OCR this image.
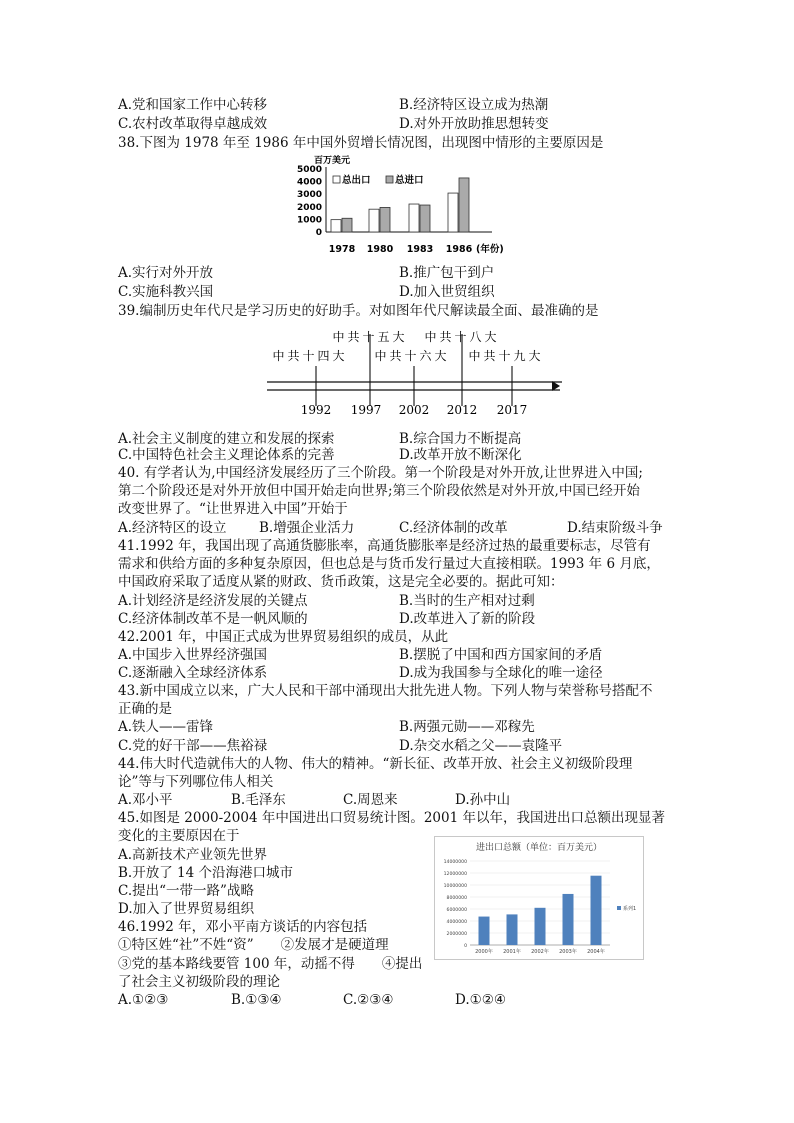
A.党和国家工作中心转移	B.经济特区设立成为热潮
C.农村改革取得卓越成效	D.对外开放助推思想转变
38.下图为 1978 年至 1986 年中国外贸增长情况图，出现图中情形的主要原因是
百万美元
0
1000
2000
3000
4000
5000
1978 1980 1983 1986 (年份)
总出口	总进口
A.实行对外开放	B.推广包干到户
C.实施科教兴国	D.加入世贸组织
39.编制历史年代尺是学习历史的好助手。对如图年代尺解读最全面、最准确的是
中共十五大 中共十八大
中共十四大 中共十六大 中共十九大
1992 1997 2002 2012 2017
A.社会主义制度的建立和发展的探索	B.综合国力不断提高
C.中国特色社会主义理论体系的完善	D.改革开放不断深化
40. 有学者认为,中国经济发展经历了三个阶段。第一个阶段是对外开放,让世界进入中国;
第二个阶段还是对外开放但中国开始走向世界;第三个阶段依然是对外开放,中国已经开始
改变世界了。“让世界进入中国”开始于
A.经济特区的设立 B.增强企业活力	C.经济体制的改革	D.结束阶级斗争
41.1992 年，我国出现了高通货膨胀率，高通货膨胀率是经济过热的最重要标志，尽管有
需求和供给方面的多种复杂原因，但也总是与货币发行量过大直接相联。1993 年 6 月底，
中国政府采取了适度从紧的财政、货币政策，这是完全必要的。据此可知：
A.计划经济是经济发展的关键点	B.当时的生产相对过剩
C.经济体制改革不是一帆风顺的	D.改革进入了新的阶段
42.2001 年，中国正式成为世界贸易组织的成员，从此
A.中国步入世界经济强国	B.摆脱了中国和西方国家间的矛盾
C.逐渐融入全球经济体系	D.成为我国参与全球化的唯一途径
43.新中国成立以来，广大人民和干部中涌现出大批先进人物。下列人物与荣誉称号搭配不
正确的是
A.铁人——雷锋	B.两强元勋——邓稼先
C.党的好干部——焦裕禄	D.杂交水稻之父——袁隆平
44.伟大时代造就伟大的人物、伟大的精神。“新长征、改革开放、社会主义初级阶段理
论”等与下列哪位伟人相关
A.邓小平	B.毛泽东	C.周恩来	D.孙中山
45.如图是 2000-2004 年中国进出口贸易统计图。2001 年以年，我国进出口总额出现显著
变化的主要原因在于
A.高新技术产业领先世界
B.开放了 14 个沿海港口城市
C.提出“一带一路”战略
D.加入了世界贸易组织
进出口总额（单位：百万美元）
0
2000000
4000000
6000000
8000000
10000000
12000000
14000000
2000年 2001年 2002年 2003年 2004年
系列1
46.1992 年，邓小平南方谈话的内容包括
①特区姓“社”不姓“资”　　②发展才是硬道理
③党的基本路线要管 100 年，动摇不得　　④提出
了社会主义初级阶段的理论
A.①②③	B.①③④	C.②③④	D.①②④
